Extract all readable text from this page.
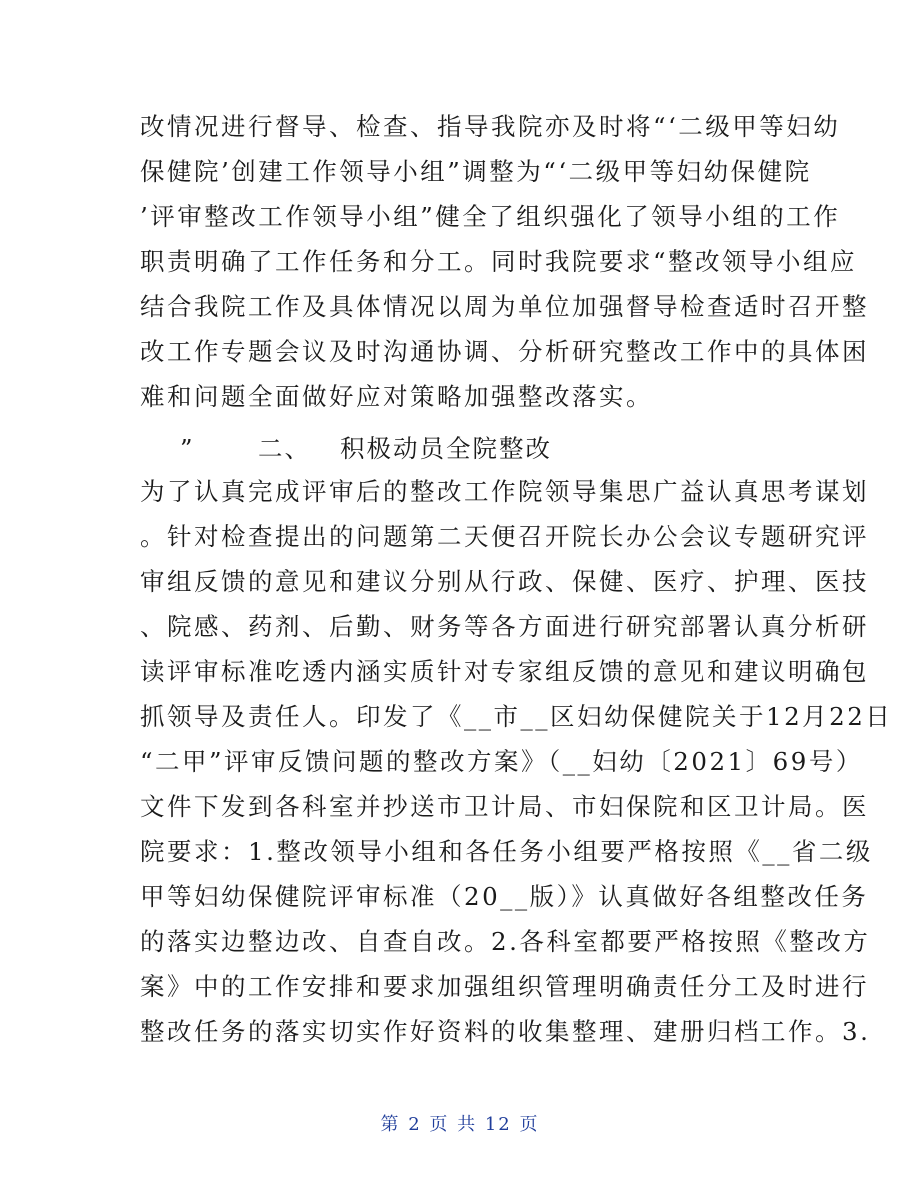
改情况进行督导、检查、指导我院亦及时将“‘二级甲等妇幼
保健院’创建工作领导小组”调整为“‘二级甲等妇幼保健院
’评审整改工作领导小组”健全了组织强化了领导小组的工作
职责明确了工作任务和分工。同时我院要求“整改领导小组应
结合我院工作及具体情况以周为单位加强督导检查适时召开整
改工作专题会议及时沟通协调、分析研究整改工作中的具体困
难和问题全面做好应对策略加强整改落实。
”	二、 积极动员全院整改
为了认真完成评审后的整改工作院领导集思广益认真思考谋划
。针对检查提出的问题第二天便召开院长办公会议专题研究评
审组反馈的意见和建议分别从行政、保健、医疗、护理、医技
、院感、药剂、后勤、财务等各方面进行研究部署认真分析研
读评审标准吃透内涵实质针对专家组反馈的意见和建议明确包
抓领导及责任人。印发了《__市__区妇幼保健院关于12月22日
“二甲”评审反馈问题的整改方案》（__妇幼〔2021〕69号）
文件下发到各科室并抄送市卫计局、市妇保院和区卫计局。医
院要求：1.整改领导小组和各任务小组要严格按照《__省二级
甲等妇幼保健院评审标准（20__版）》认真做好各组整改任务
的落实边整边改、自查自改。2.各科室都要严格按照《整改方
案》中的工作安排和要求加强组织管理明确责任分工及时进行
整改任务的落实切实作好资料的收集整理、建册归档工作。3.
第 2 页 共 12 页
